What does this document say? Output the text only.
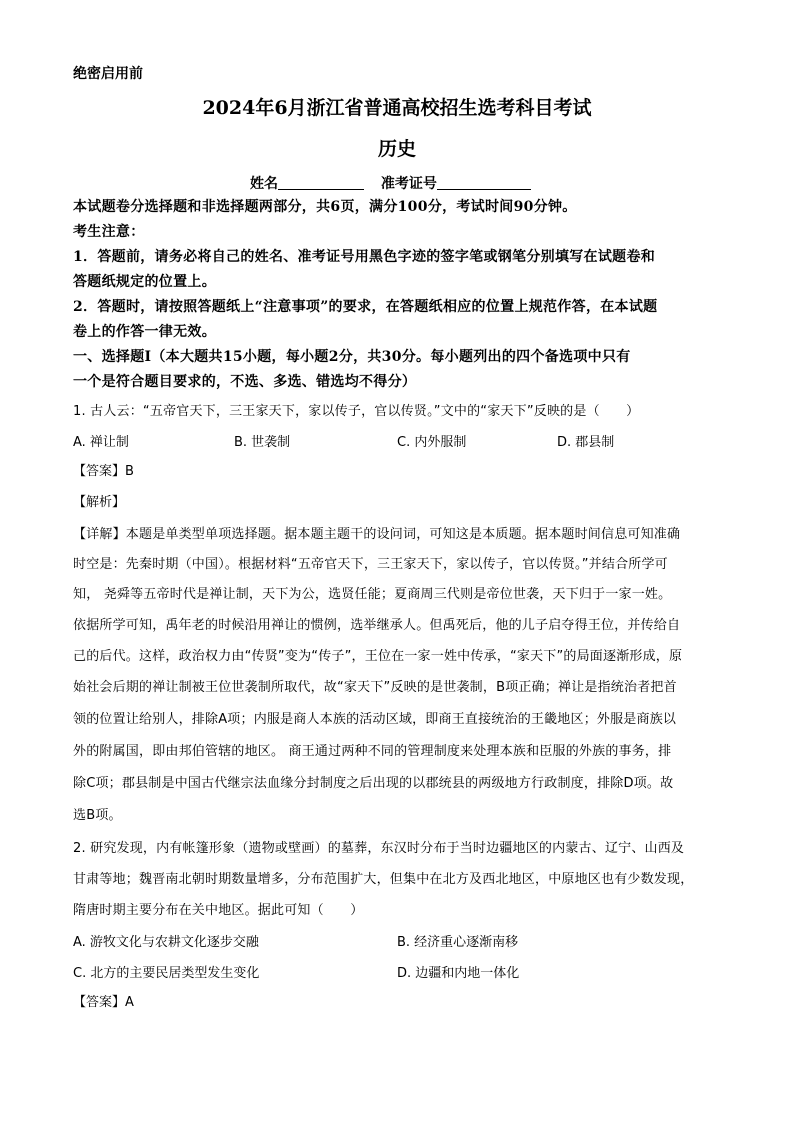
绝密启用前
2024年6月浙江省普通高校招生选考科目考试
历史
姓名	准考证号
本试题卷分选择题和非选择题两部分，共6页，满分100分，考试时间90分钟。
考生注意：
1．答题前，请务必将自己的姓名、准考证号用黑色字迹的签字笔或钢笔分别填写在试题卷和
答题纸规定的位置上。
2．答题时，请按照答题纸上“注意事项”的要求，在答题纸相应的位置上规范作答，在本试题
卷上的作答一律无效。
一、选择题Ⅰ（本大题共15小题，每小题2分，共30分。每小题列出的四个备选项中只有
一个是符合题目要求的，不选、多选、错选均不得分）
1. 古人云：“五帝官天下，三王家天下，家以传子，官以传贤。”文中的“家天下”反映的是（　　）
A. 禅让制	B. 世袭制	C. 内外服制	D. 郡县制
【答案】B
【解析】
【详解】本题是单类型单项选择题。据本题主题干的设问词，可知这是本质题。据本题时间信息可知准确
时空是：先秦时期（中国）。根据材料“五帝官天下，三王家天下，家以传子，官以传贤。”并结合所学可
知， 尧舜等五帝时代是禅让制，天下为公，选贤任能；夏商周三代则是帝位世袭，天下归于一家一姓。
依据所学可知，禹年老的时候沿用禅让的惯例，选举继承人。但禹死后，他的儿子启夺得王位，并传给自
己的后代。这样，政治权力由“传贤”变为“传子”，王位在一家一姓中传承，“家天下”的局面逐渐形成，原
始社会后期的禅让制被王位世袭制所取代，故“家天下”反映的是世袭制，B项正确；禅让是指统治者把首
领的位置让给别人，排除A项；内服是商人本族的活动区域，即商王直接统治的王畿地区；外服是商族以
外的附属国，即由邦伯管辖的地区。 商王通过两种不同的管理制度来处理本族和臣服的外族的事务，排
除C项；郡县制是中国古代继宗法血缘分封制度之后出现的以郡统县的两级地方行政制度，排除D项。故
选B项。
2. 研究发现，内有帐篷形象（遗物或壁画）的墓葬，东汉时分布于当时边疆地区的内蒙古、辽宁、山西及
甘肃等地；魏晋南北朝时期数量增多，分布范围扩大，但集中在北方及西北地区，中原地区也有少数发现，
隋唐时期主要分布在关中地区。据此可知（　　）
A. 游牧文化与农耕文化逐步交融	B. 经济重心逐渐南移
C. 北方的主要民居类型发生变化	D. 边疆和内地一体化
【答案】A
